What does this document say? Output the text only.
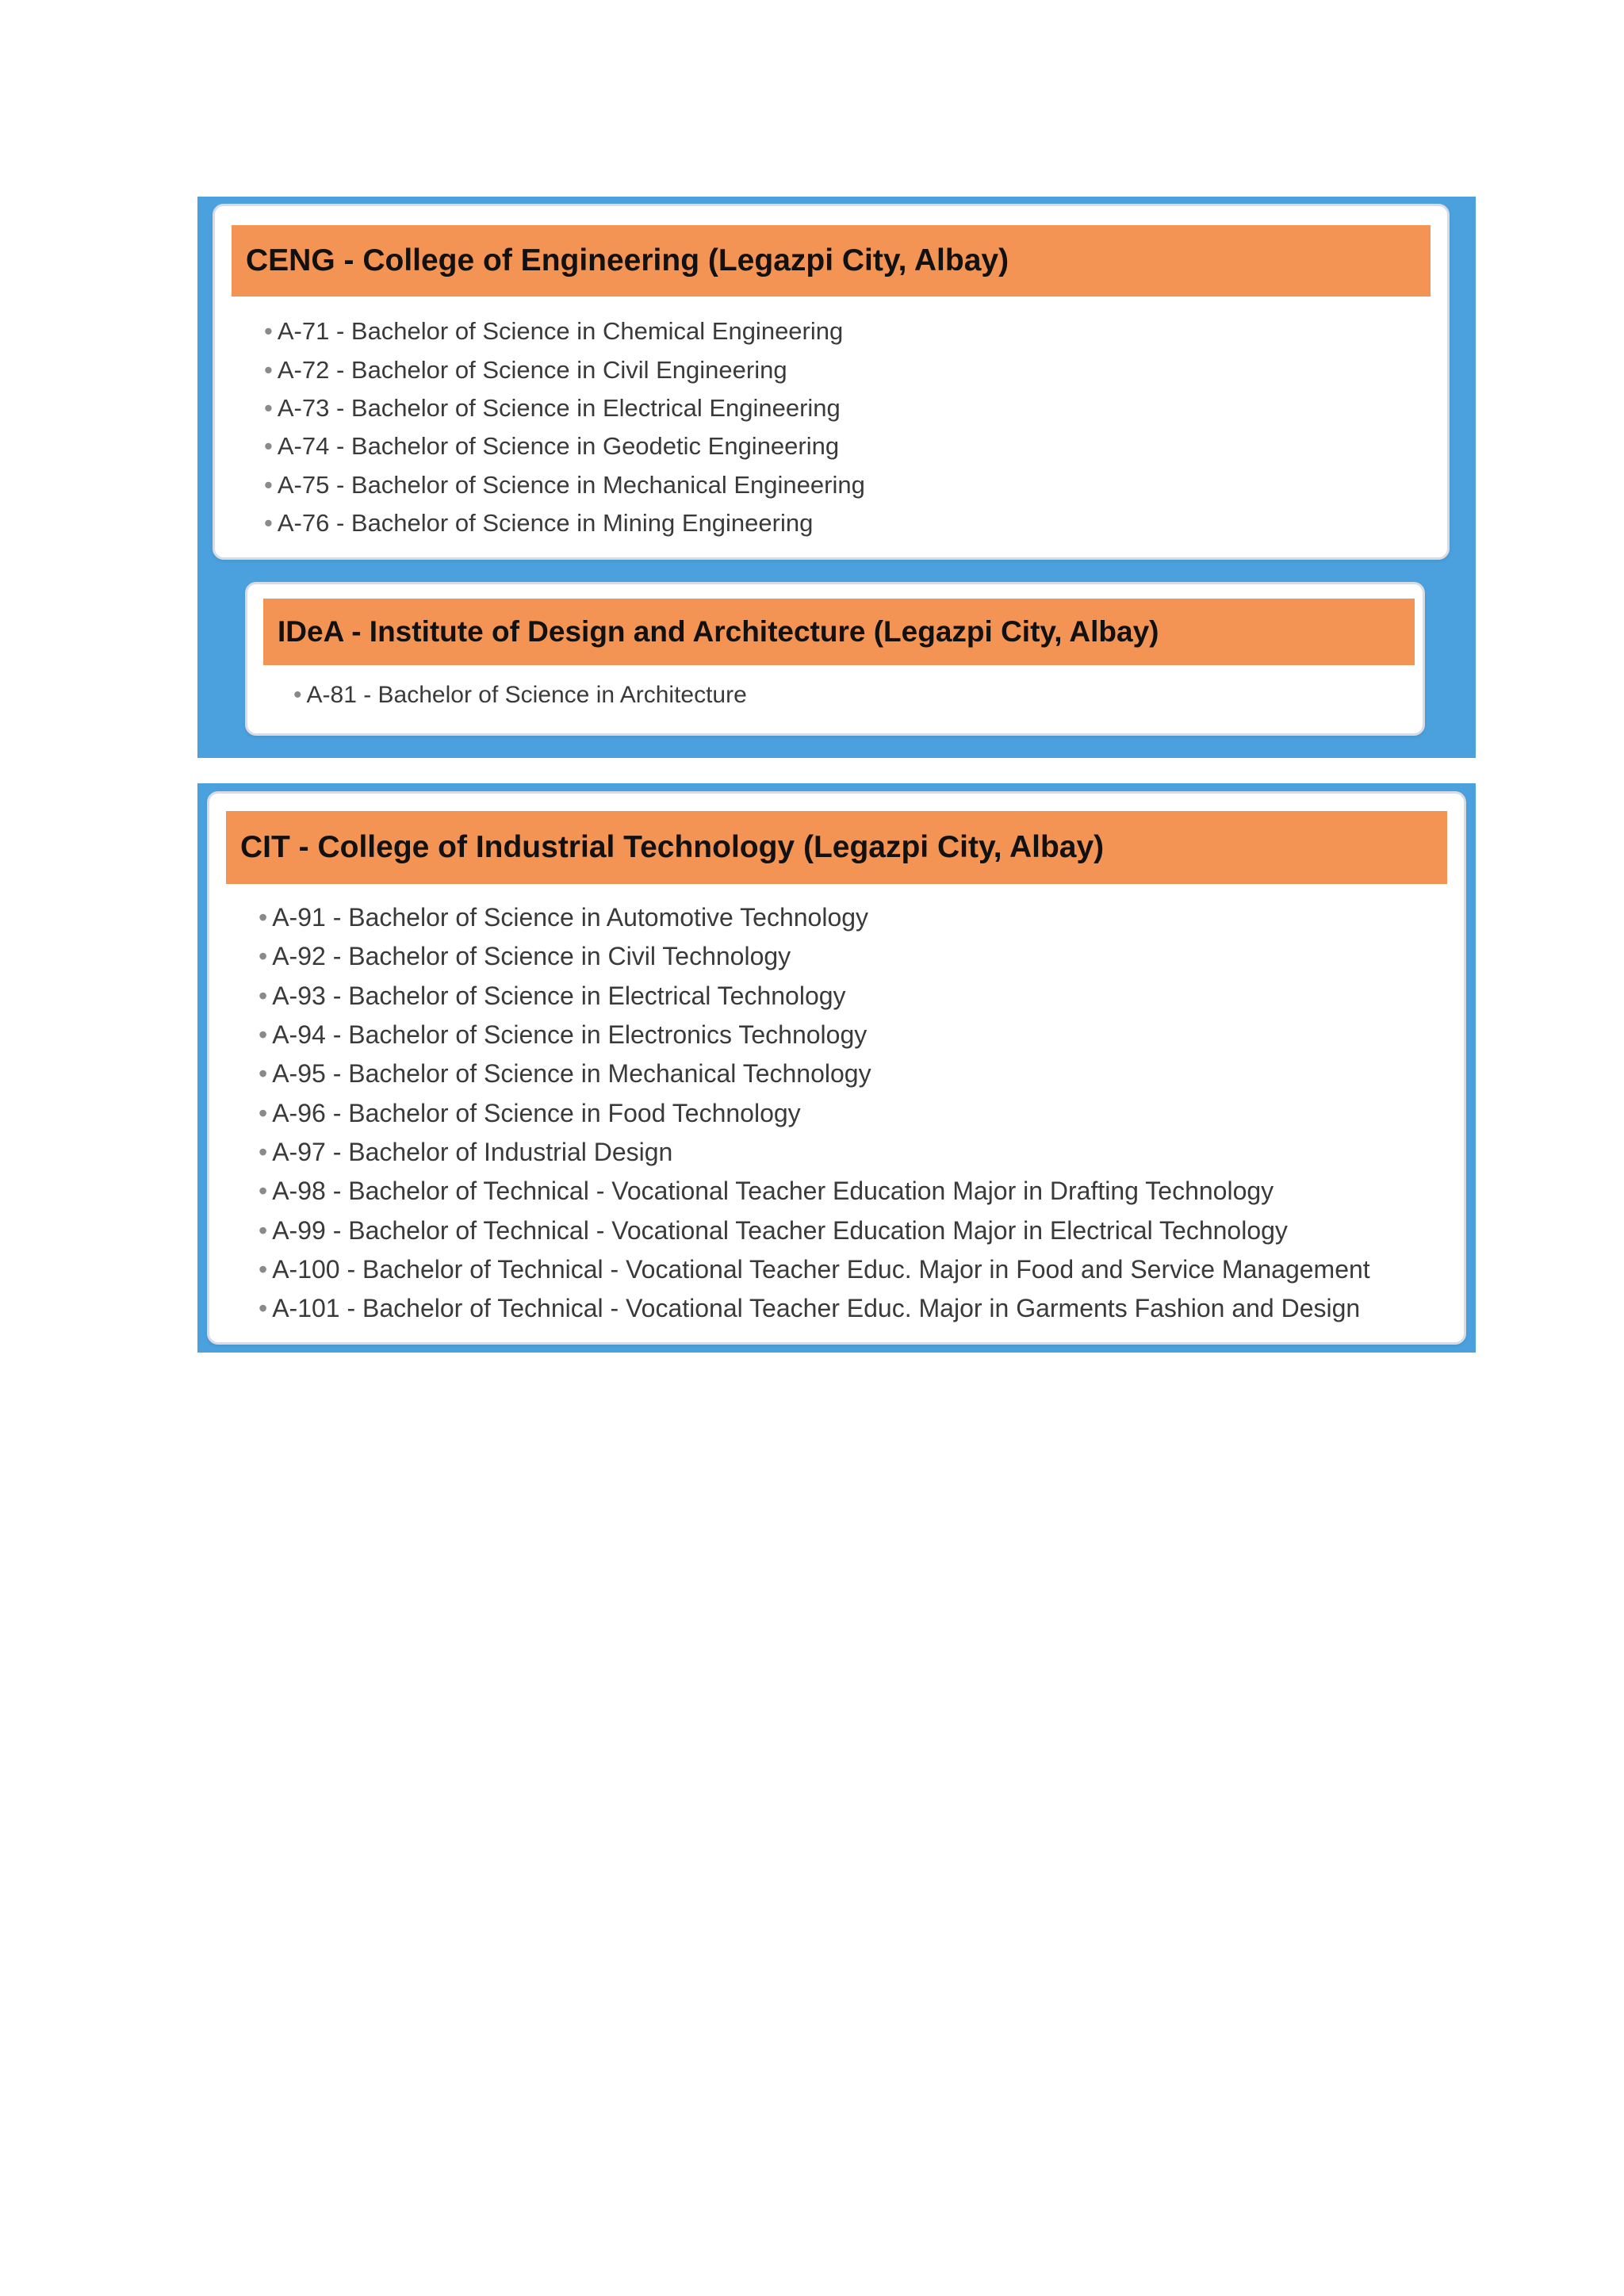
CENG - College of Engineering (Legazpi City, Albay)
• A-71 - Bachelor of Science in Chemical Engineering
• A-72 - Bachelor of Science in Civil Engineering
• A-73 - Bachelor of Science in Electrical Engineering
• A-74 - Bachelor of Science in Geodetic Engineering
• A-75 - Bachelor of Science in Mechanical Engineering
• A-76 - Bachelor of Science in Mining Engineering
IDeA - Institute of Design and Architecture (Legazpi City, Albay)
• A-81 - Bachelor of Science in Architecture
CIT - College of Industrial Technology (Legazpi City, Albay)
• A-91 - Bachelor of Science in Automotive Technology
• A-92 - Bachelor of Science in Civil Technology
• A-93 - Bachelor of Science in Electrical Technology
• A-94 - Bachelor of Science in Electronics Technology
• A-95 - Bachelor of Science in Mechanical Technology
• A-96 - Bachelor of Science in Food Technology
• A-97 - Bachelor of Industrial Design
• A-98 - Bachelor of Technical - Vocational Teacher Education Major in Drafting Technology
• A-99 - Bachelor of Technical - Vocational Teacher Education Major in Electrical Technology
• A-100 - Bachelor of Technical - Vocational Teacher Educ. Major in Food and Service Management
• A-101 - Bachelor of Technical - Vocational Teacher Educ. Major in Garments Fashion and Design
